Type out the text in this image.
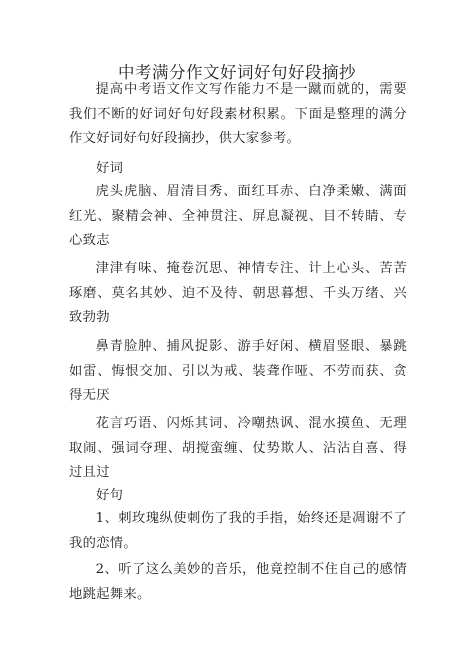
中考满分作文好词好句好段摘抄

提高中考语文作文写作能力不是一蹴而就的，需要我们不断的好词好句好段素材积累。下面是整理的满分作文好词好句好段摘抄，供大家参考。

好词

虎头虎脑、眉清目秀、面红耳赤、白净柔嫩、满面红光、聚精会神、全神贯注、屏息凝视、目不转睛、专心致志

津津有味、掩卷沉思、神情专注、计上心头、苦苦琢磨、莫名其妙、迫不及待、朝思暮想、千头万绪、兴致勃勃

鼻青脸肿、捕风捉影、游手好闲、横眉竖眼、暴跳如雷、悔恨交加、引以为戒、装聋作哑、不劳而获、贪得无厌

花言巧语、闪烁其词、冷嘲热讽、混水摸鱼、无理取闹、强词夺理、胡搅蛮缠、仗势欺人、沾沾自喜、得过且过

好句

1、刺玫瑰纵使刺伤了我的手指，始终还是凋谢不了我的恋情。

2、听了这么美妙的音乐，他竟控制不住自己的感情地跳起舞来。
